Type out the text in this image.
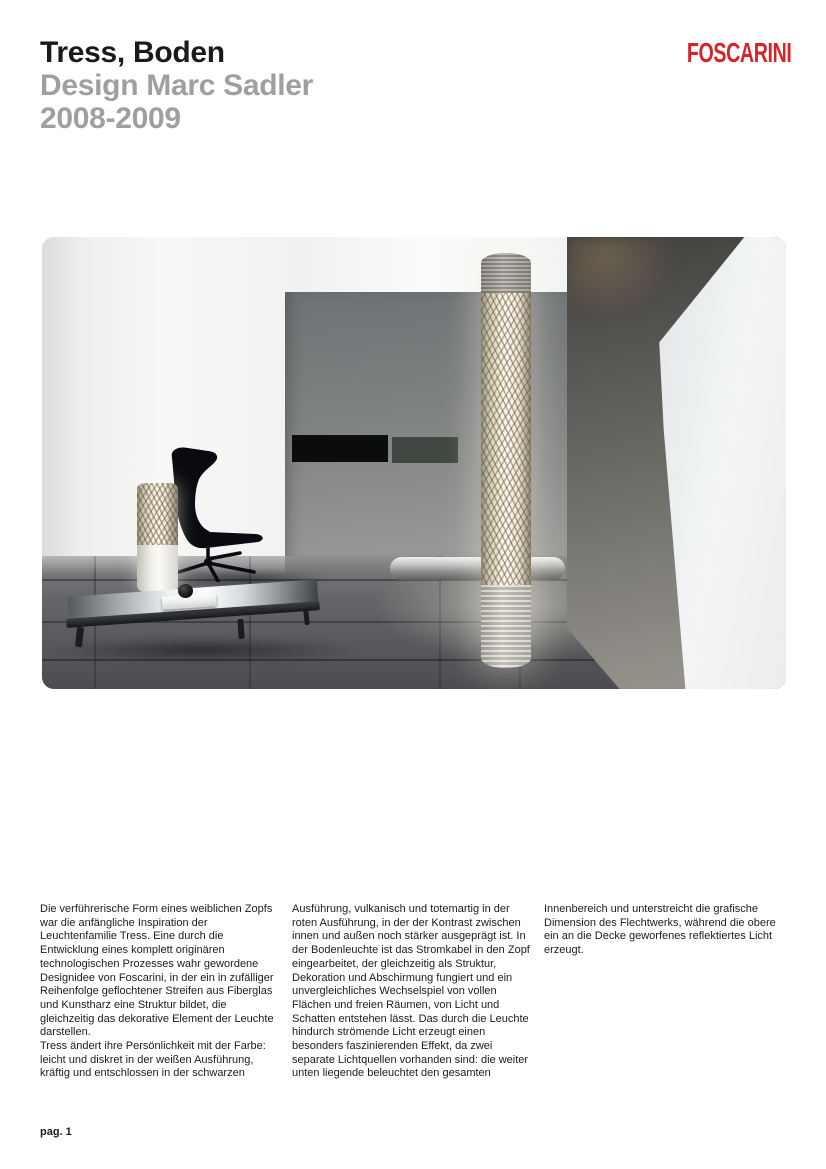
Tress, Boden
Design Marc Sadler
2008-2009
FOSCARINI

Die verführerische Form eines weiblichen Zopfs war die anfängliche Inspiration der Leuchtenfamilie Tress. Eine durch die Entwicklung eines komplett originären technologischen Prozesses wahr gewordene Designidee von Foscarini, in der ein in zufälliger Reihenfolge geflochtener Streifen aus Fiberglas und Kunstharz eine Struktur bildet, die gleichzeitig das dekorative Element der Leuchte darstellen.

Tress ändert ihre Persönlichkeit mit der Farbe: leicht und diskret in der weißen Ausführung, kräftig und entschlossen in der schwarzen

Ausführung, vulkanisch und totemartig in der roten Ausführung, in der der Kontrast zwischen innen und außen noch stärker ausgeprägt ist. In der Bodenleuchte ist das Stromkabel in den Zopf eingearbeitet, der gleichzeitig als Struktur, Dekoration und Abschirmung fungiert und ein unvergleichliches Wechselspiel von vollen Flächen und freien Räumen, von Licht und Schatten entstehen lässt. Das durch die Leuchte hindurch strömende Licht erzeugt einen besonders faszinierenden Effekt, da zwei separate Lichtquellen vorhanden sind: die weiter unten liegende beleuchtet den gesamten

Innenbereich und unterstreicht die grafische Dimension des Flechtwerks, während die obere ein an die Decke geworfenes reflektiertes Licht erzeugt.

pag. 1
